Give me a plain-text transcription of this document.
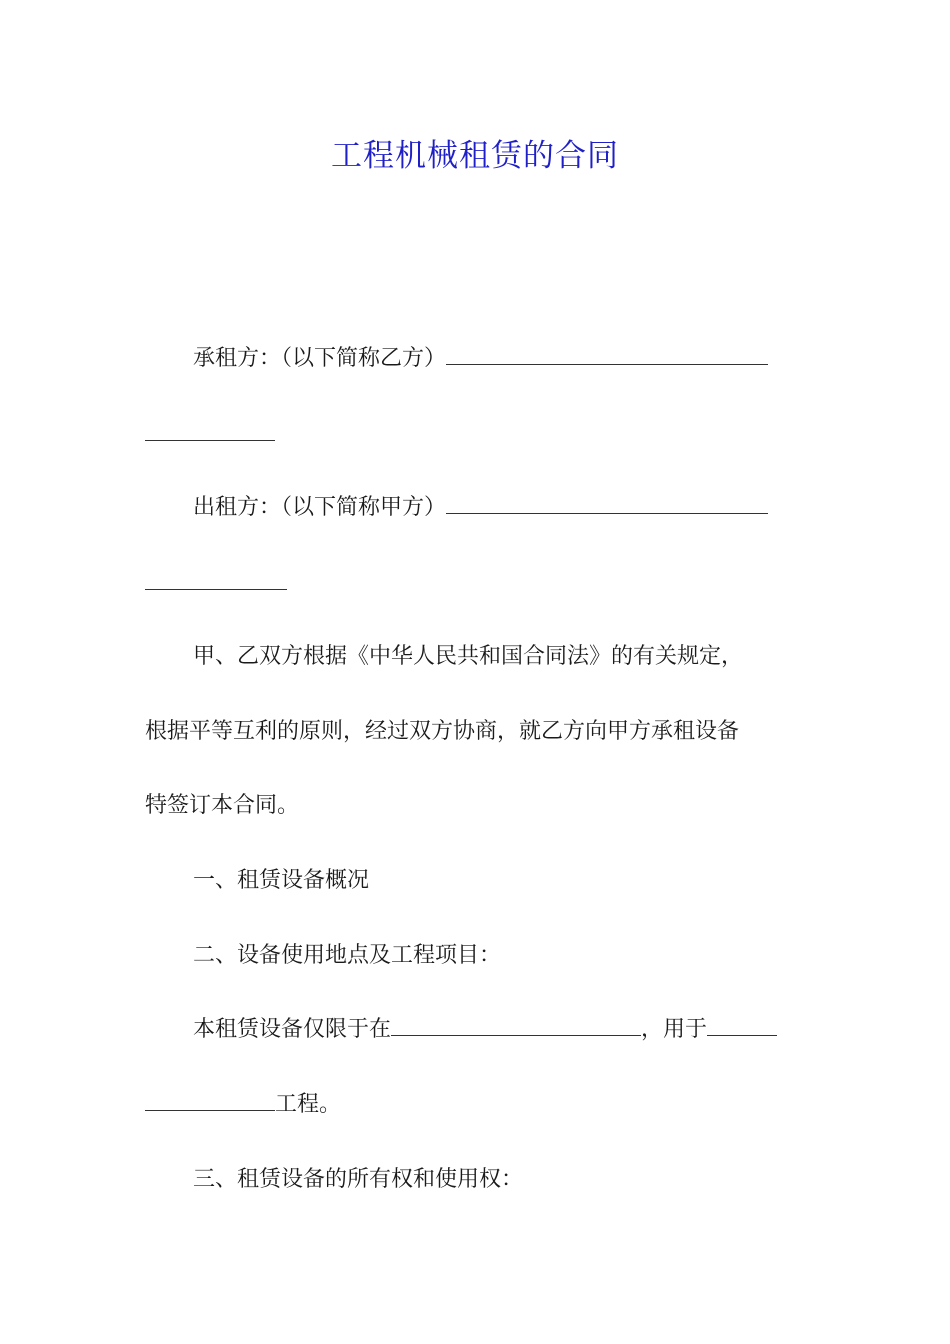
工程机械租赁的合同
承租方：（以下简称乙方）
出租方：（以下简称甲方）
甲、乙双方根据《中华人民共和国合同法》的有关规定，
根据平等互利的原则，经过双方协商，就乙方向甲方承租设备
特签订本合同。
一、租赁设备概况
二、设备使用地点及工程项目：
本租赁设备仅限于在	，用于
工程。
三、租赁设备的所有权和使用权：
